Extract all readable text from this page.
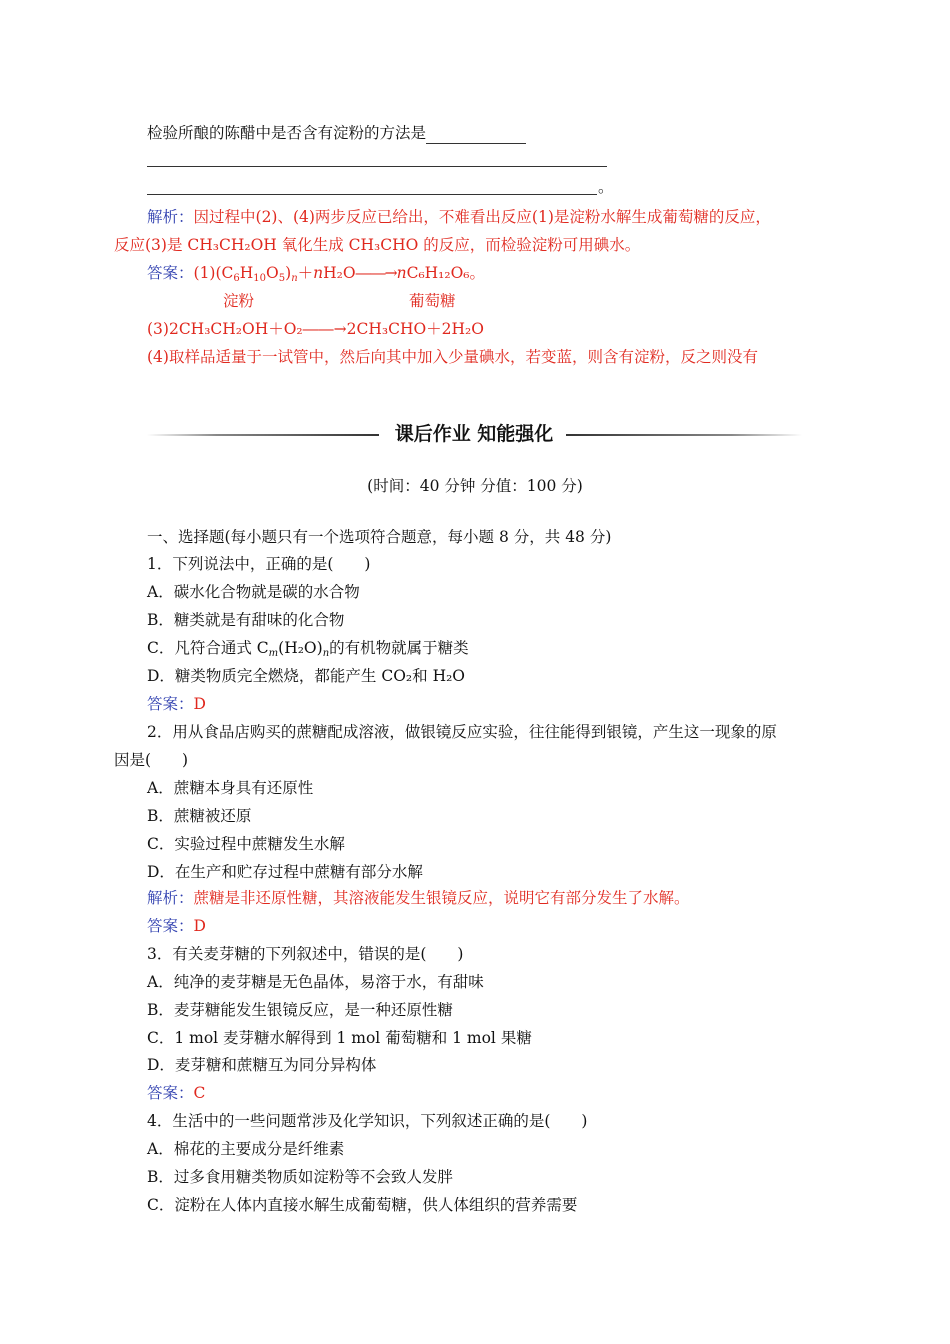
检验所酿的陈醋中是否含有淀粉的方法是
。
解析：因过程中(2)、(4)两步反应已给出，不难看出反应(1)是淀粉水解生成葡萄糖的反应，
反应(3)是 CH₃CH₂OH 氧化生成 CH₃CHO 的反应，而检验淀粉可用碘水。
答案：$(1)(C_6H_{10}O_5)_n+nH_2O――\to nC_6H_{12}O_6$。
淀粉	葡萄糖
(3)2CH₃CH₂OH＋O₂――→2CH₃CHO＋2H₂O
(4)取样品适量于一试管中，然后向其中加入少量碘水，若变蓝，则含有淀粉，反之则没有
课后作业 知能强化
(时间：40 分钟 分值：100 分)
一、选择题(每小题只有一个选项符合题意，每小题 8 分，共 48 分)
1．下列说法中，正确的是(　　)
A．碳水化合物就是碳的水合物
B．糖类就是有甜味的化合物
C．凡符合通式 $C_m(H_2O)_n$的有机物就属于糖类
D．糖类物质完全燃烧，都能产生 CO₂和 H₂O
答案：D
2．用从食品店购买的蔗糖配成溶液，做银镜反应实验，往往能得到银镜，产生这一现象的原
因是(　　)
A．蔗糖本身具有还原性
B．蔗糖被还原
C．实验过程中蔗糖发生水解
D．在生产和贮存过程中蔗糖有部分水解
解析：蔗糖是非还原性糖，其溶液能发生银镜反应，说明它有部分发生了水解。
答案：D
3．有关麦芽糖的下列叙述中，错误的是(　　)
A．纯净的麦芽糖是无色晶体，易溶于水，有甜味
B．麦芽糖能发生银镜反应，是一种还原性糖
C．1 mol 麦芽糖水解得到 1 mol 葡萄糖和 1 mol 果糖
D．麦芽糖和蔗糖互为同分异构体
答案：C
4．生活中的一些问题常涉及化学知识，下列叙述正确的是(　　)
A．棉花的主要成分是纤维素
B．过多食用糖类物质如淀粉等不会致人发胖
C．淀粉在人体内直接水解生成葡萄糖，供人体组织的营养需要
